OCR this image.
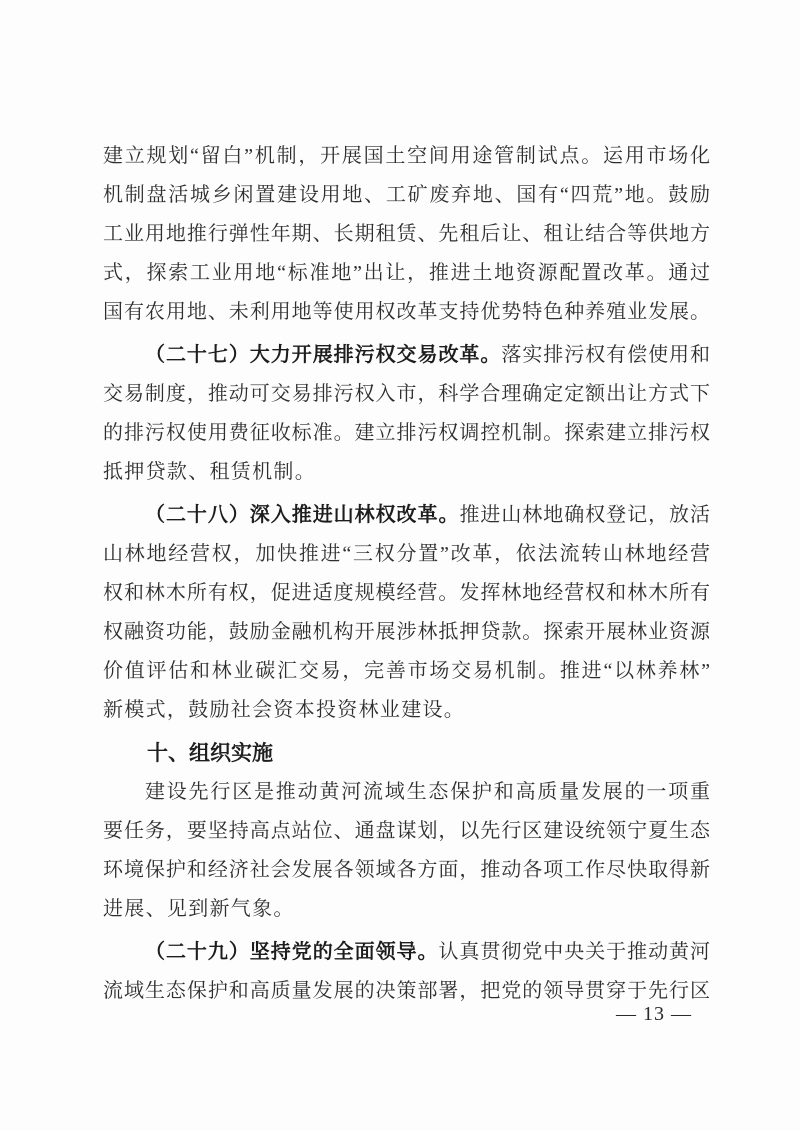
建立规划“留白”机制，开展国土空间用途管制试点。运用市场化
机制盘活城乡闲置建设用地、工矿废弃地、国有“四荒”地。鼓励
工业用地推行弹性年期、长期租赁、先租后让、租让结合等供地方
式，探索工业用地“标准地”出让，推进土地资源配置改革。通过
国有农用地、未利用地等使用权改革支持优势特色种养殖业发展。
（二十七）大力开展排污权交易改革。落实排污权有偿使用和
交易制度，推动可交易排污权入市，科学合理确定定额出让方式下
的排污权使用费征收标准。建立排污权调控机制。探索建立排污权
抵押贷款、租赁机制。
（二十八）深入推进山林权改革。推进山林地确权登记，放活
山林地经营权，加快推进“三权分置”改革，依法流转山林地经营
权和林木所有权，促进适度规模经营。发挥林地经营权和林木所有
权融资功能，鼓励金融机构开展涉林抵押贷款。探索开展林业资源
价值评估和林业碳汇交易，完善市场交易机制。推进“以林养林”
新模式，鼓励社会资本投资林业建设。
十、组织实施
建设先行区是推动黄河流域生态保护和高质量发展的一项重
要任务，要坚持高点站位、通盘谋划，以先行区建设统领宁夏生态
环境保护和经济社会发展各领域各方面，推动各项工作尽快取得新
进展、见到新气象。
（二十九）坚持党的全面领导。认真贯彻党中央关于推动黄河
流域生态保护和高质量发展的决策部署，把党的领导贯穿于先行区
— 13 —
